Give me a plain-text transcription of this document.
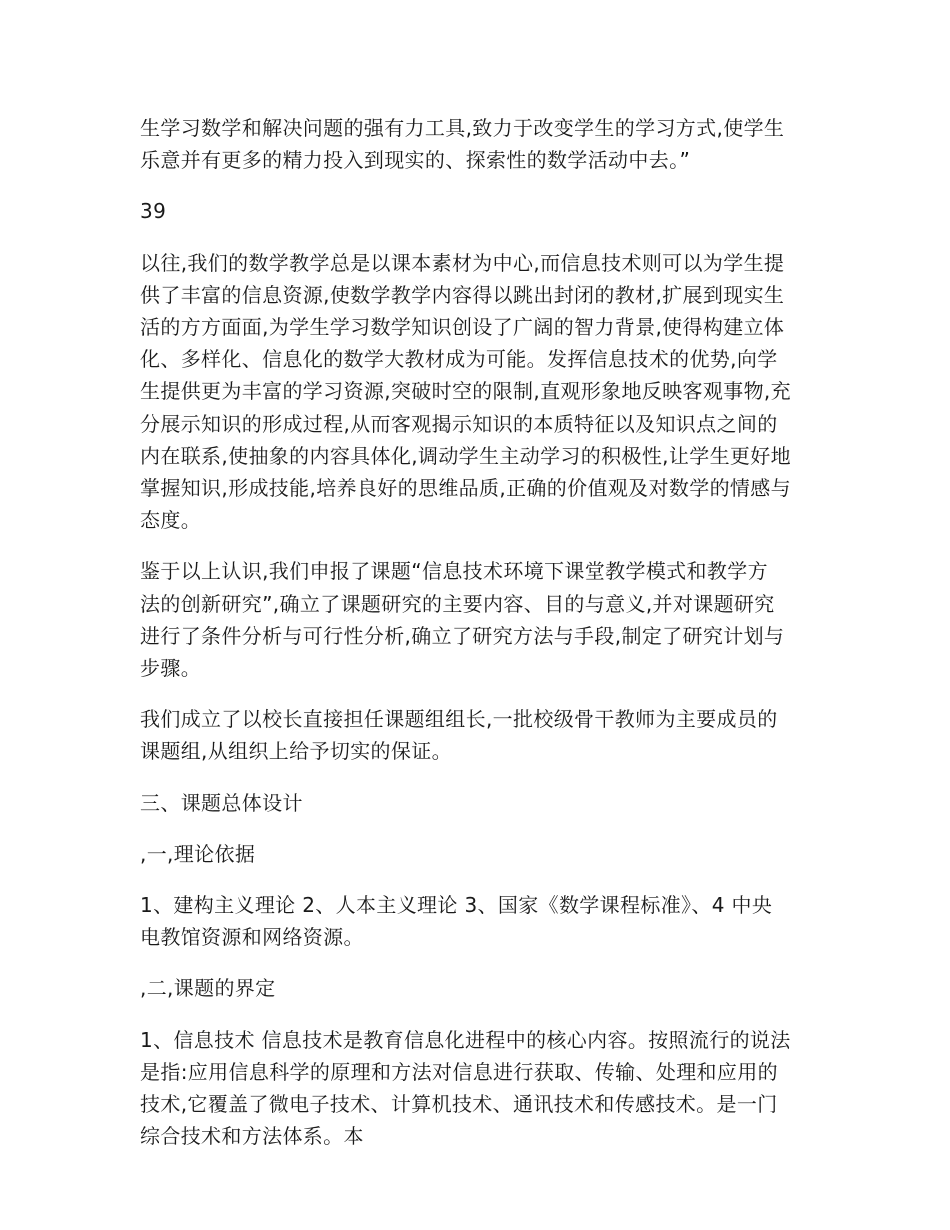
生学习数学和解决问题的强有力工具,致力于改变学生的学习方式,使学生
乐意并有更多的精力投入到现实的、探索性的数学活动中去。”

39

以往,我们的数学教学总是以课本素材为中心,而信息技术则可以为学生提
供了丰富的信息资源,使数学教学内容得以跳出封闭的教材,扩展到现实生
活的方方面面,为学生学习数学知识创设了广阔的智力背景,使得构建立体
化、多样化、信息化的数学大教材成为可能。发挥信息技术的优势,向学
生提供更为丰富的学习资源,突破时空的限制,直观形象地反映客观事物,充
分展示知识的形成过程,从而客观揭示知识的本质特征以及知识点之间的
内在联系,使抽象的内容具体化,调动学生主动学习的积极性,让学生更好地
掌握知识,形成技能,培养良好的思维品质,正确的价值观及对数学的情感与
态度。

鉴于以上认识,我们申报了课题“信息技术环境下课堂教学模式和教学方
法的创新研究”,确立了课题研究的主要内容、目的与意义,并对课题研究
进行了条件分析与可行性分析,确立了研究方法与手段,制定了研究计划与
步骤。

我们成立了以校长直接担任课题组组长,一批校级骨干教师为主要成员的
课题组,从组织上给予切实的保证。

三、课题总体设计

,一,理论依据

1、建构主义理论 2、人本主义理论 3、国家《数学课程标准》、4 中央
电教馆资源和网络资源。

,二,课题的界定

1、信息技术 信息技术是教育信息化进程中的核心内容。按照流行的说法
是指:应用信息科学的原理和方法对信息进行获取、传输、处理和应用的
技术,它覆盖了微电子技术、计算机技术、通讯技术和传感技术。是一门
综合技术和方法体系。本
